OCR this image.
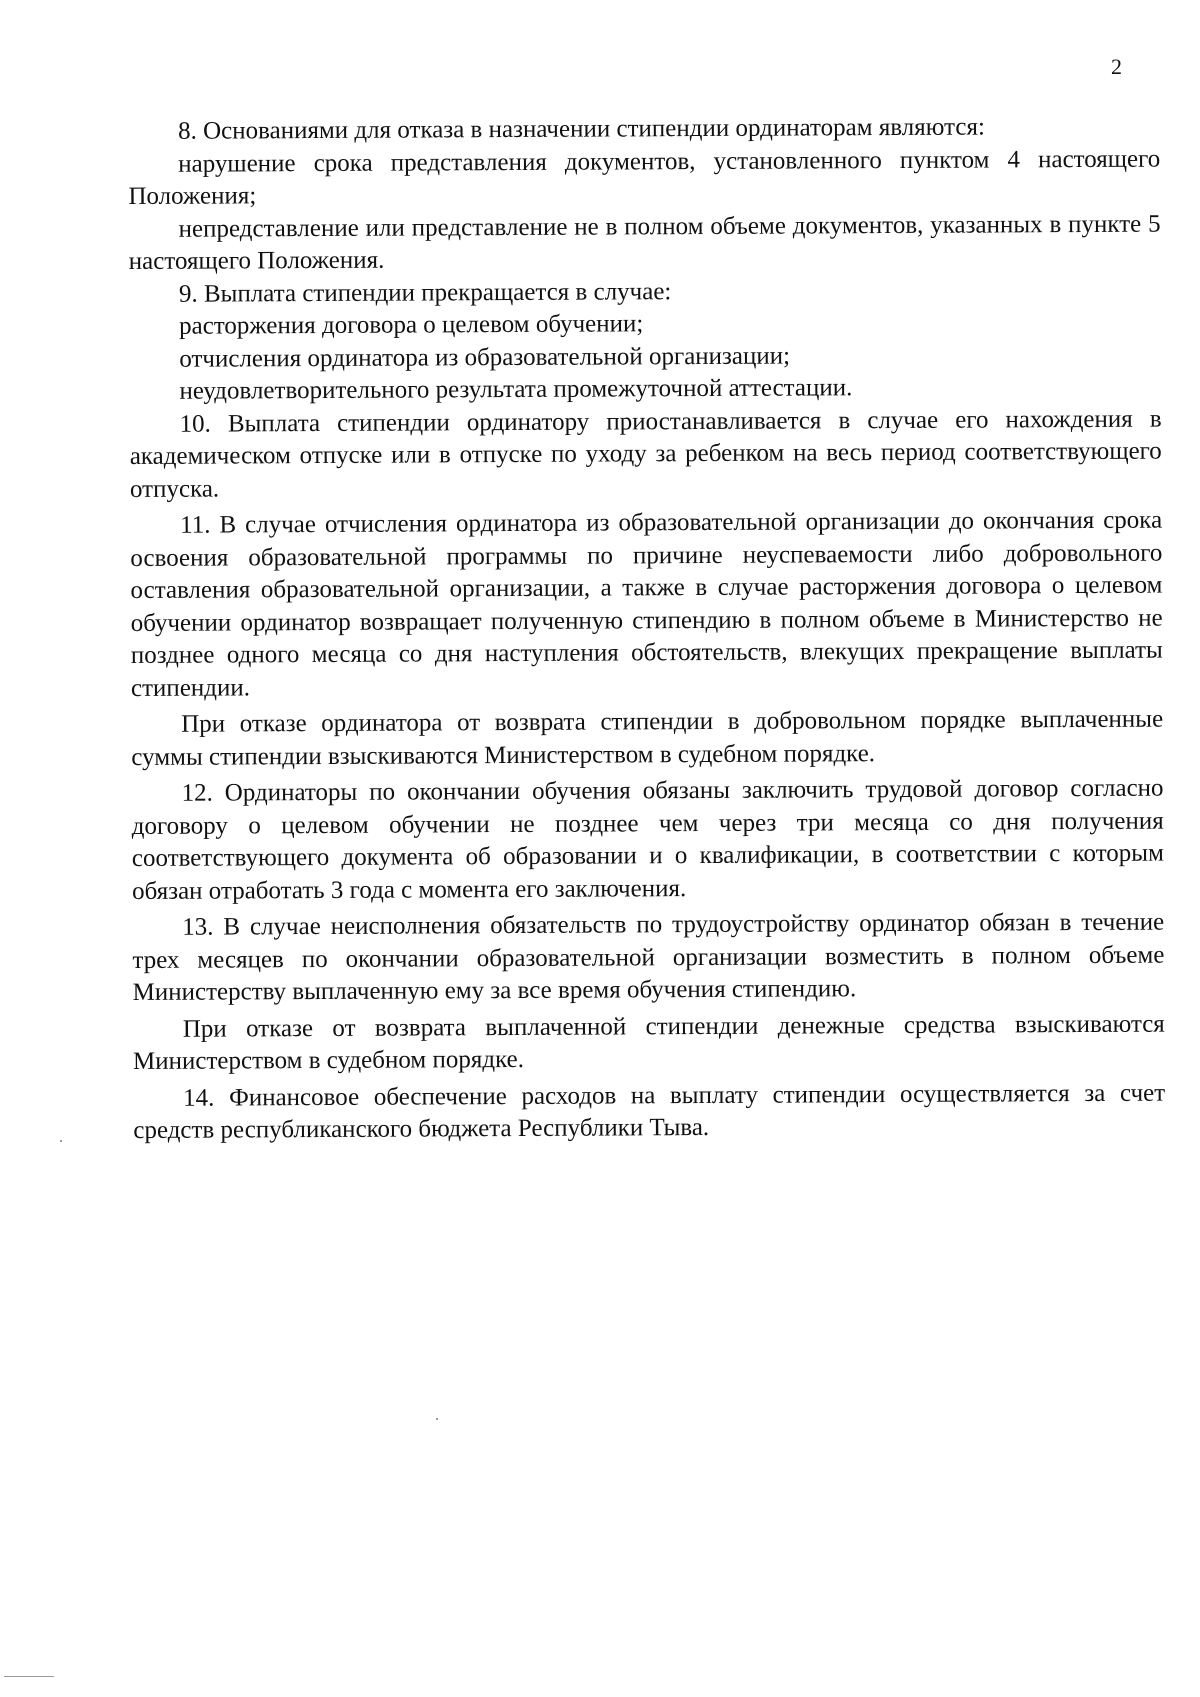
2

8. Основаниями для отказа в назначении стипендии ординаторам являются:

нарушение срока представления документов, установленного пунктом 4 настоящего Положения;

непредставление или представление не в полном объеме документов, указанных в пункте 5 настоящего Положения.

9. Выплата стипендии прекращается в случае:

расторжения договора о целевом обучении;

отчисления ординатора из образовательной организации;

неудовлетворительного результата промежуточной аттестации.

10. Выплата стипендии ординатору приостанавливается в случае его нахождения в академическом отпуске или в отпуске по уходу за ребенком на весь период соответствующего отпуска.

11. В случае отчисления ординатора из образовательной организации до окончания срока освоения образовательной программы по причине неуспеваемости либо добровольного оставления образовательной организации, а также в случае расторжения договора о целевом обучении ординатор возвращает полученную стипендию в полном объеме в Министерство не позднее одного месяца со дня наступления обстоятельств, влекущих прекращение выплаты стипендии.

При отказе ординатора от возврата стипендии в добровольном порядке выплаченные суммы стипендии взыскиваются Министерством в судебном порядке.

12. Ординаторы по окончании обучения обязаны заключить трудовой договор согласно договору о целевом обучении не позднее чем через три месяца со дня получения соответствующего документа об образовании и о квалификации, в соответствии с которым обязан отработать 3 года с момента его заключения.

13. В случае неисполнения обязательств по трудоустройству ординатор обязан в течение трех месяцев по окончании образовательной организации возместить в полном объеме Министерству выплаченную ему за все время обучения стипендию.

При отказе от возврата выплаченной стипендии денежные средства взыскиваются Министерством в судебном порядке.

14. Финансовое обеспечение расходов на выплату стипендии осуществляется за счет средств республиканского бюджета Республики Тыва.
